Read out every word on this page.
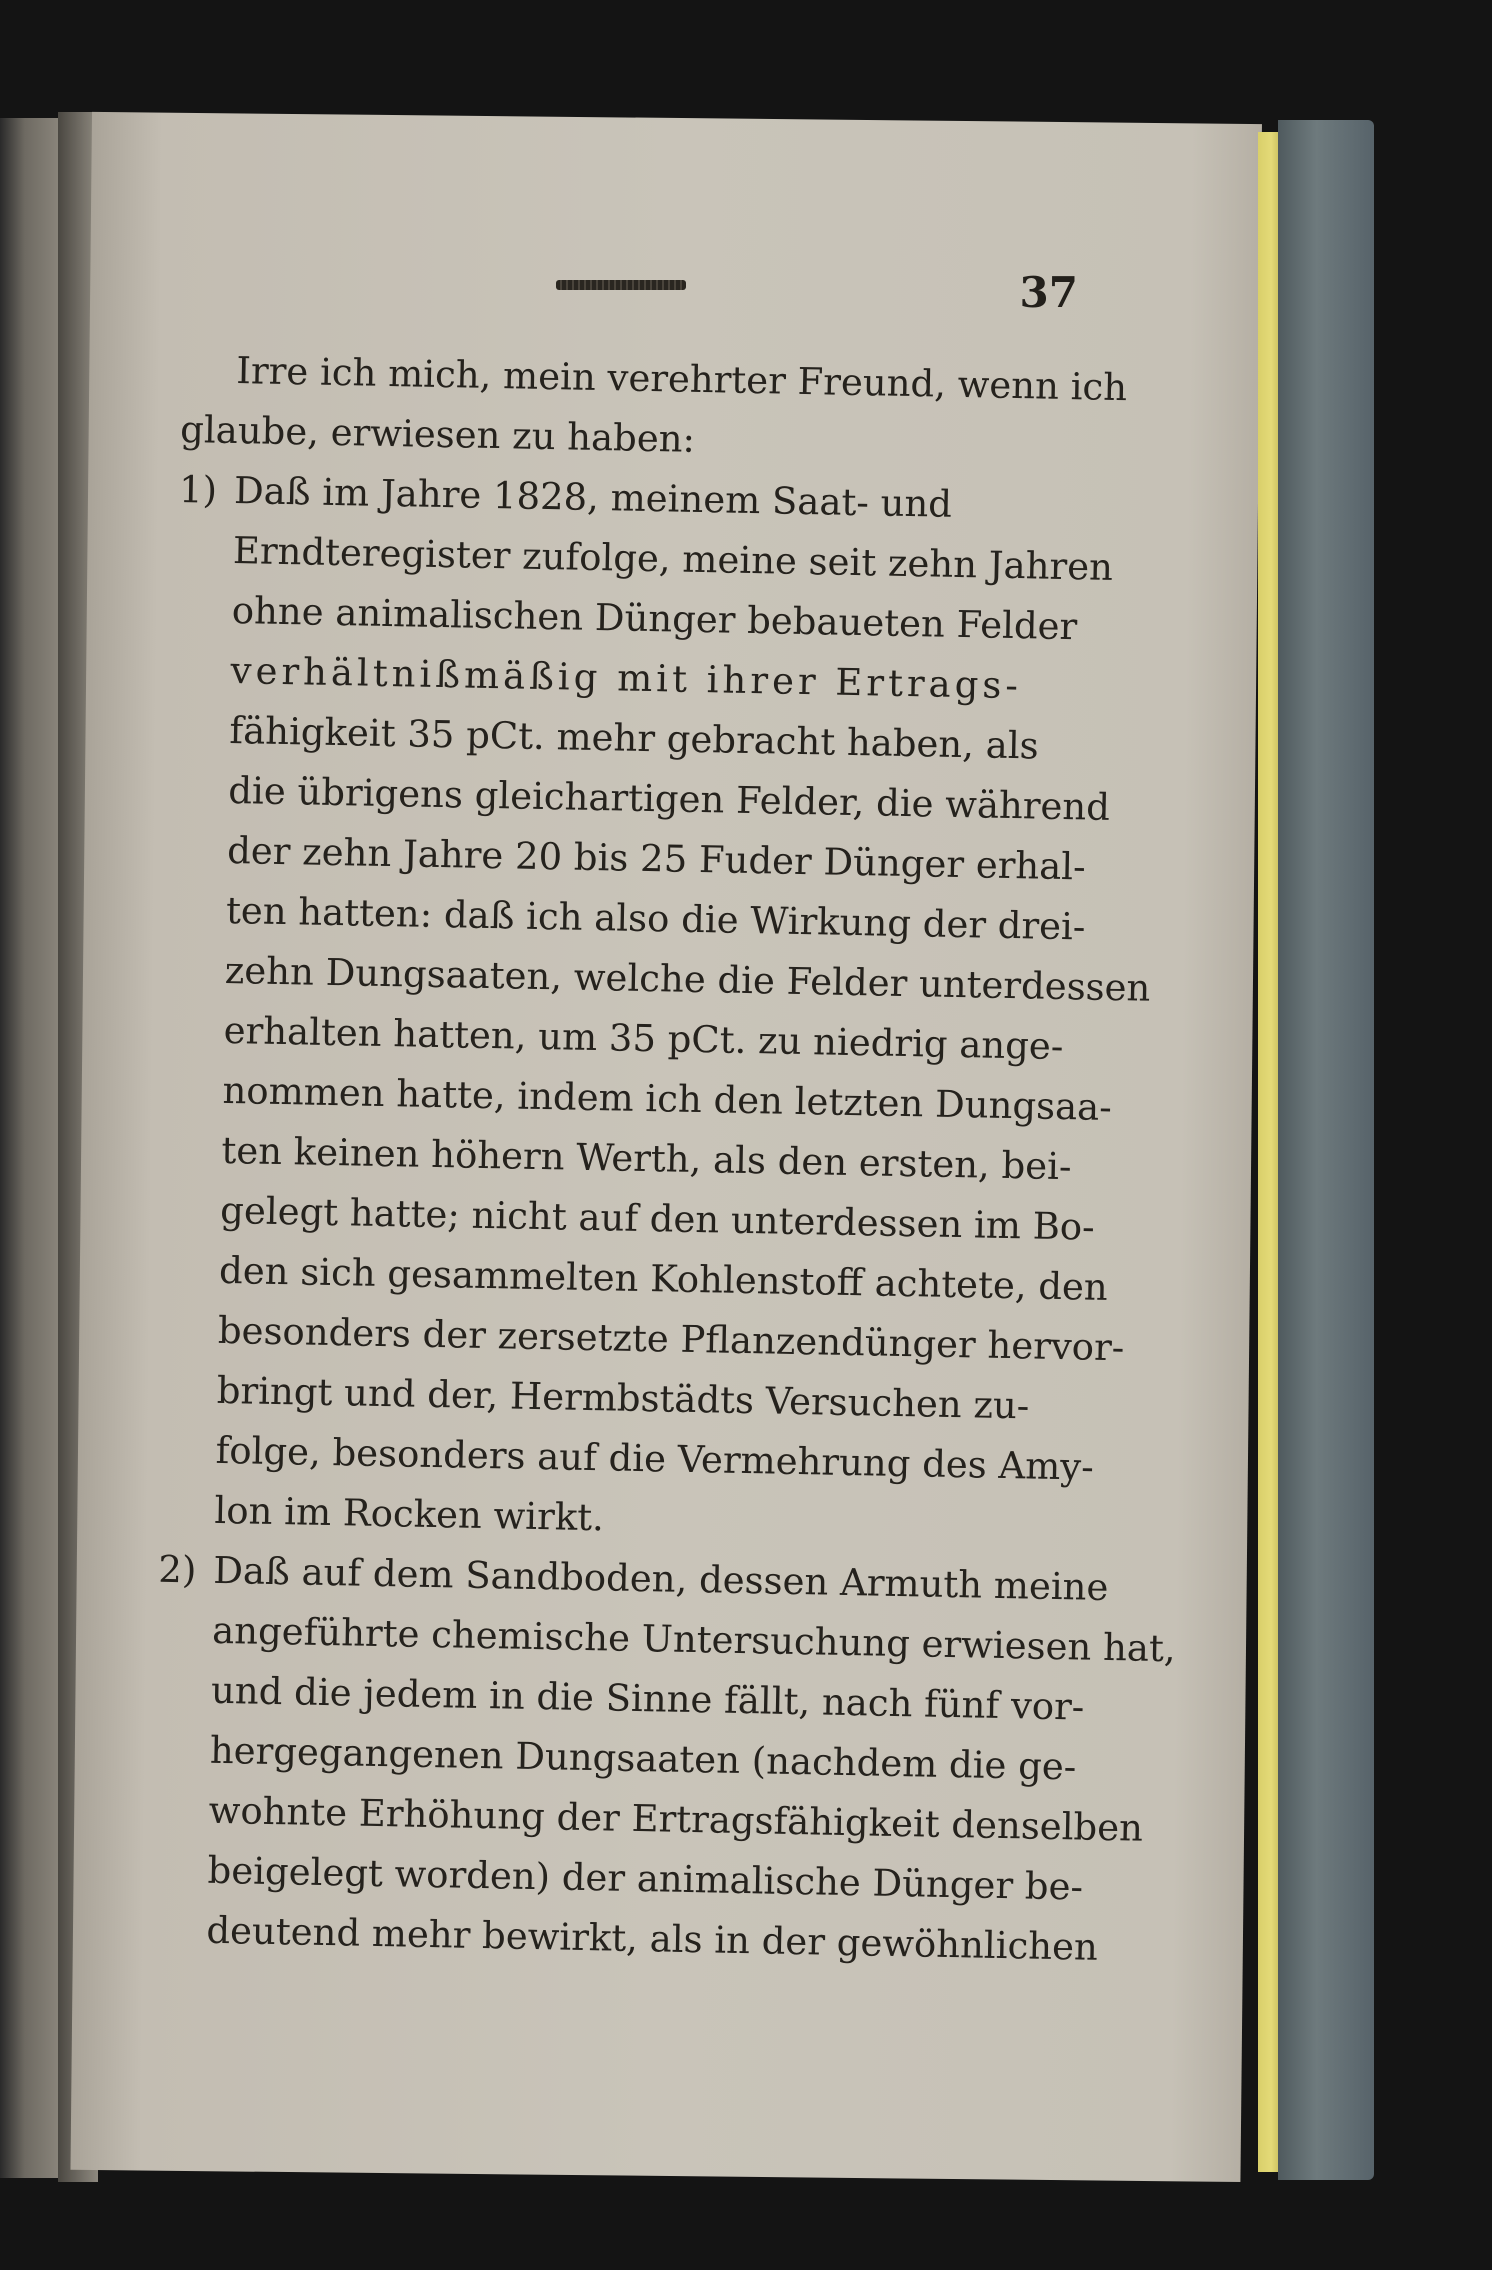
37
Irre ich mich, mein verehrter Freund, wenn ich
glaube, erwiesen zu haben:
1) Daß im Jahre 1828, meinem Saat- und
Erndteregister zufolge, meine seit zehn Jahren
ohne animalischen Dünger bebaueten Felder
verhältnißmäßig mit ihrer Ertrags-
fähigkeit 35 pCt. mehr gebracht haben, als
die übrigens gleichartigen Felder, die während
der zehn Jahre 20 bis 25 Fuder Dünger erhal-
ten hatten: daß ich also die Wirkung der drei-
zehn Dungsaaten, welche die Felder unterdessen
erhalten hatten, um 35 pCt. zu niedrig ange-
nommen hatte, indem ich den letzten Dungsaa-
ten keinen höhern Werth, als den ersten, bei-
gelegt hatte; nicht auf den unterdessen im Bo-
den sich gesammelten Kohlenstoff achtete, den
besonders der zersetzte Pflanzendünger hervor-
bringt und der, Hermbstädts Versuchen zu-
folge, besonders auf die Vermehrung des Amy-
lon im Rocken wirkt.
2) Daß auf dem Sandboden, dessen Armuth meine
angeführte chemische Untersuchung erwiesen hat,
und die jedem in die Sinne fällt, nach fünf vor-
hergegangenen Dungsaaten (nachdem die ge-
wohnte Erhöhung der Ertragsfähigkeit denselben
beigelegt worden) der animalische Dünger be-
deutend mehr bewirkt, als in der gewöhnlichen
